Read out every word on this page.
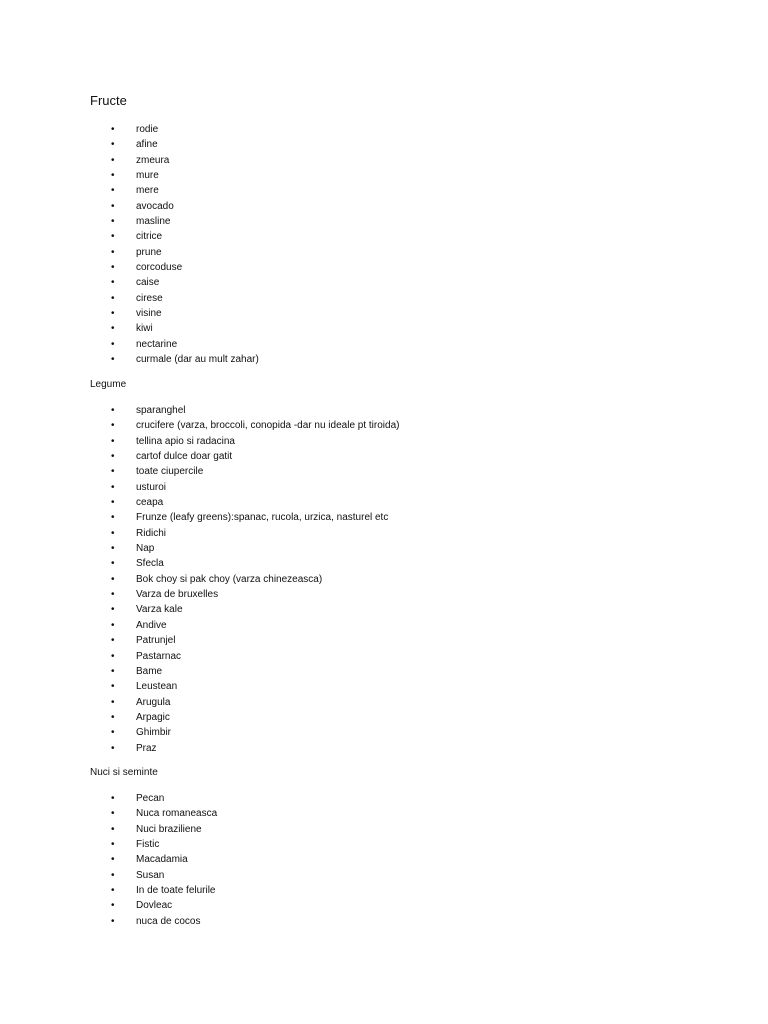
Fructe
• rodie
• afine
• zmeura
• mure
• mere
• avocado
• masline
• citrice
• prune
• corcoduse
• caise
• cirese
• visine
• kiwi
• nectarine
• curmale (dar au mult zahar)
Legume
• sparanghel
• crucifere (varza, broccoli, conopida -dar nu ideale pt tiroida)
• tellina apio si radacina
• cartof dulce doar gatit
• toate ciupercile
• usturoi
• ceapa
• Frunze (leafy greens):spanac, rucola, urzica, nasturel etc
• Ridichi
• Nap
• Sfecla
• Bok choy si pak choy (varza chinezeasca)
• Varza de bruxelles
• Varza kale
• Andive
• Patrunjel
• Pastarnac
• Bame
• Leustean
• Arugula
• Arpagic
• Ghimbir
• Praz
Nuci si seminte
• Pecan
• Nuca romaneasca
• Nuci braziliene
• Fistic
• Macadamia
• Susan
• In de toate felurile
• Dovleac
• nuca de cocos
